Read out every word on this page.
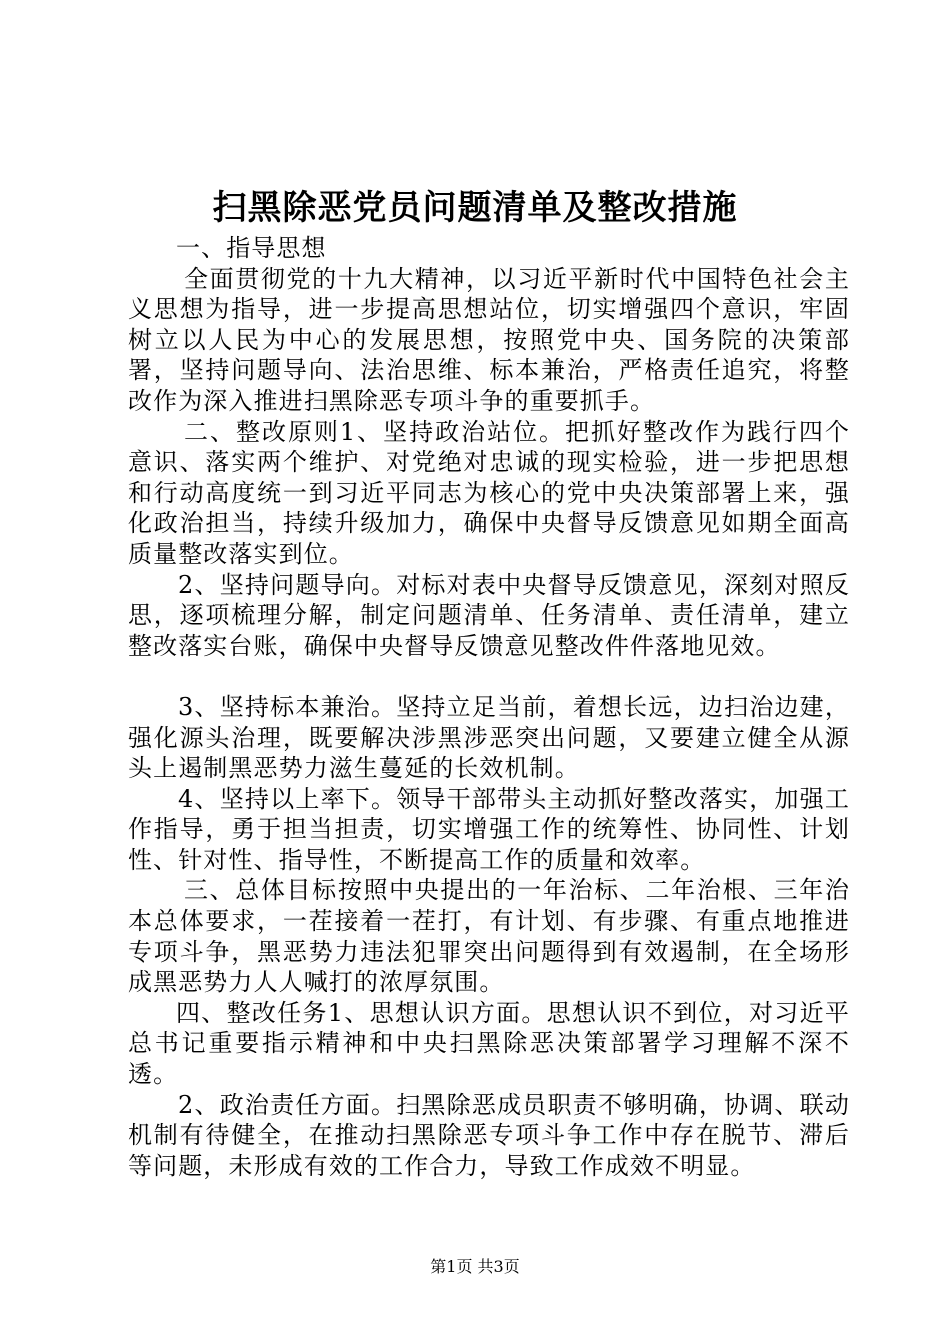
扫黑除恶党员问题清单及整改措施

一、指导思想

全面贯彻党的十九大精神，以习近平新时代中国特色社会主义思想为指导，进一步提高思想站位，切实增强四个意识，牢固树立以人民为中心的发展思想，按照党中央、国务院的决策部署，坚持问题导向、法治思维、标本兼治，严格责任追究，将整改作为深入推进扫黑除恶专项斗争的重要抓手。

二、整改原则1、坚持政治站位。把抓好整改作为践行四个意识、落实两个维护、对党绝对忠诚的现实检验，进一步把思想和行动高度统一到习近平同志为核心的党中央决策部署上来，强化政治担当，持续升级加力，确保中央督导反馈意见如期全面高质量整改落实到位。

2、坚持问题导向。对标对表中央督导反馈意见，深刻对照反思，逐项梳理分解，制定问题清单、任务清单、责任清单，建立整改落实台账，确保中央督导反馈意见整改件件落地见效。

3、坚持标本兼治。坚持立足当前，着想长远，边扫治边建，强化源头治理，既要解决涉黑涉恶突出问题，又要建立健全从源头上遏制黑恶势力滋生蔓延的长效机制。

4、坚持以上率下。领导干部带头主动抓好整改落实，加强工作指导，勇于担当担责，切实增强工作的统筹性、协同性、计划性、针对性、指导性，不断提高工作的质量和效率。

三、总体目标按照中央提出的一年治标、二年治根、三年治本总体要求，一茬接着一茬打，有计划、有步骤、有重点地推进专项斗争，黑恶势力违法犯罪突出问题得到有效遏制，在全场形成黑恶势力人人喊打的浓厚氛围。

四、整改任务1、思想认识方面。思想认识不到位，对习近平总书记重要指示精神和中央扫黑除恶决策部署学习理解不深不透。

2、政治责任方面。扫黑除恶成员职责不够明确，协调、联动机制有待健全，在推动扫黑除恶专项斗争工作中存在脱节、滞后等问题，未形成有效的工作合力，导致工作成效不明显。

第1页 共3页
